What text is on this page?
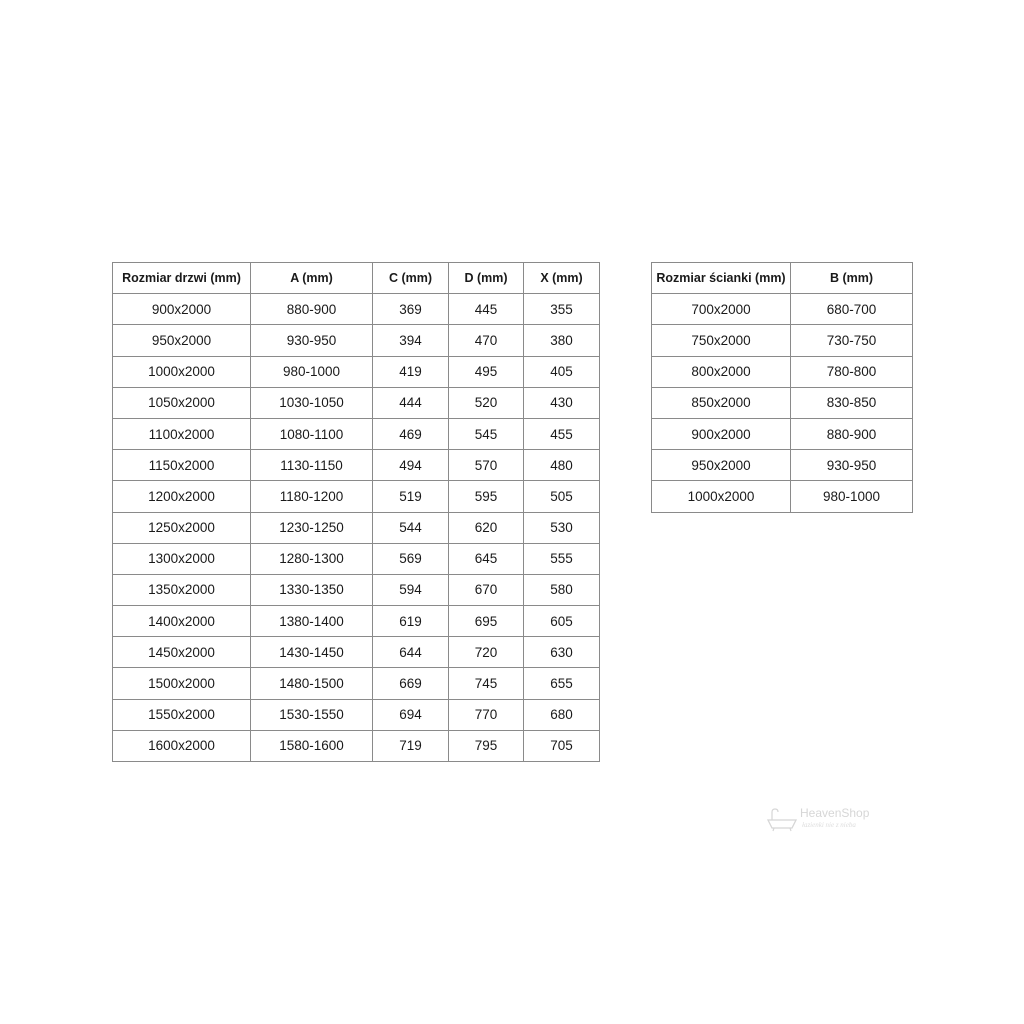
Rozmiar drzwi (mm)	A (mm)	C (mm)	D (mm)	X (mm)
900x2000	880-900	369	445	355
950x2000	930-950	394	470	380
1000x2000	980-1000	419	495	405
1050x2000	1030-1050	444	520	430
1100x2000	1080-1100	469	545	455
1150x2000	1130-1150	494	570	480
1200x2000	1180-1200	519	595	505
1250x2000	1230-1250	544	620	530
1300x2000	1280-1300	569	645	555
1350x2000	1330-1350	594	670	580
1400x2000	1380-1400	619	695	605
1450x2000	1430-1450	644	720	630
1500x2000	1480-1500	669	745	655
1550x2000	1530-1550	694	770	680
1600x2000	1580-1600	719	795	705
Rozmiar ścianki (mm)	B (mm)
700x2000	680-700
750x2000	730-750
800x2000	780-800
850x2000	830-850
900x2000	880-900
950x2000	930-950
1000x2000	980-1000
HeavenShop
łazienki nie z nieba
